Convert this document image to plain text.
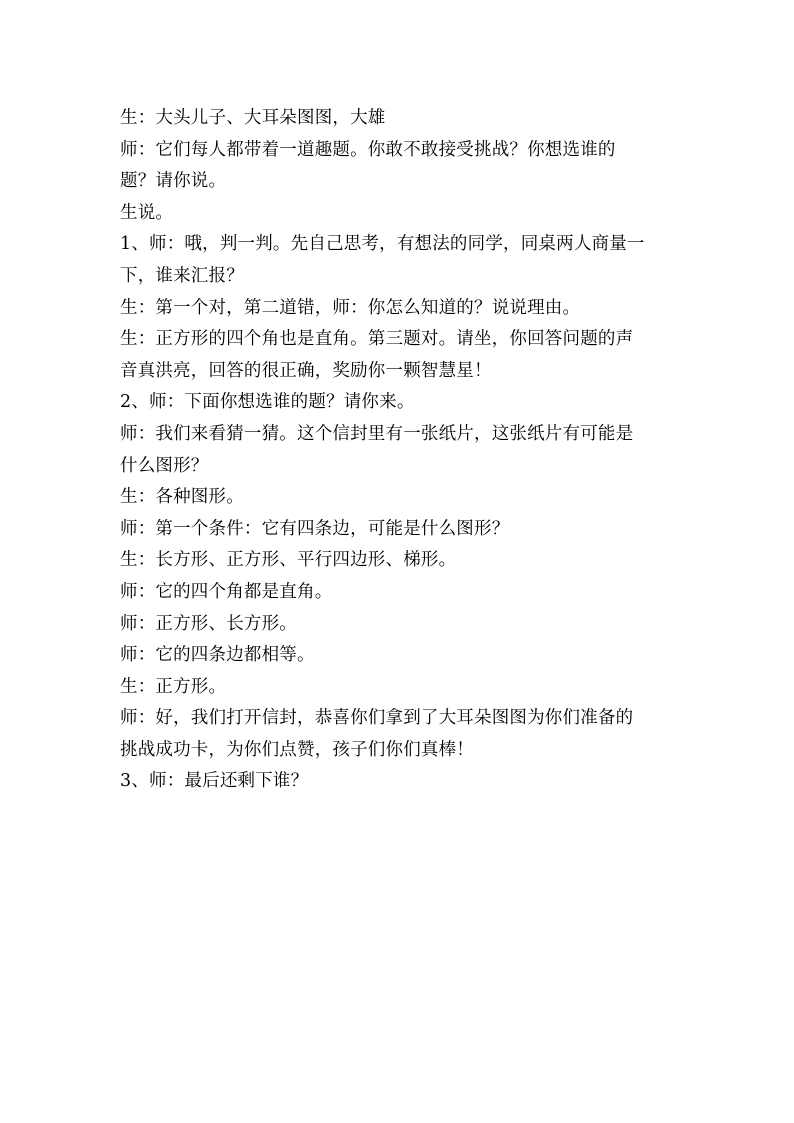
生：大头儿子、大耳朵图图，大雄
师：它们每人都带着一道趣题。你敢不敢接受挑战？你想选谁的
题？请你说。
生说。
1、师：哦，判一判。先自己思考，有想法的同学，同桌两人商量一
下，谁来汇报？
生：第一个对，第二道错，师：你怎么知道的？说说理由。
生：正方形的四个角也是直角。第三题对。请坐，你回答问题的声
音真洪亮，回答的很正确，奖励你一颗智慧星！
2、师：下面你想选谁的题？请你来。
师：我们来看猜一猜。这个信封里有一张纸片，这张纸片有可能是
什么图形？
生：各种图形。
师：第一个条件：它有四条边，可能是什么图形？
生：长方形、正方形、平行四边形、梯形。
师：它的四个角都是直角。
师：正方形、长方形。
师：它的四条边都相等。
生：正方形。
师：好，我们打开信封，恭喜你们拿到了大耳朵图图为你们准备的
挑战成功卡，为你们点赞，孩子们你们真棒！
3、师：最后还剩下谁？
